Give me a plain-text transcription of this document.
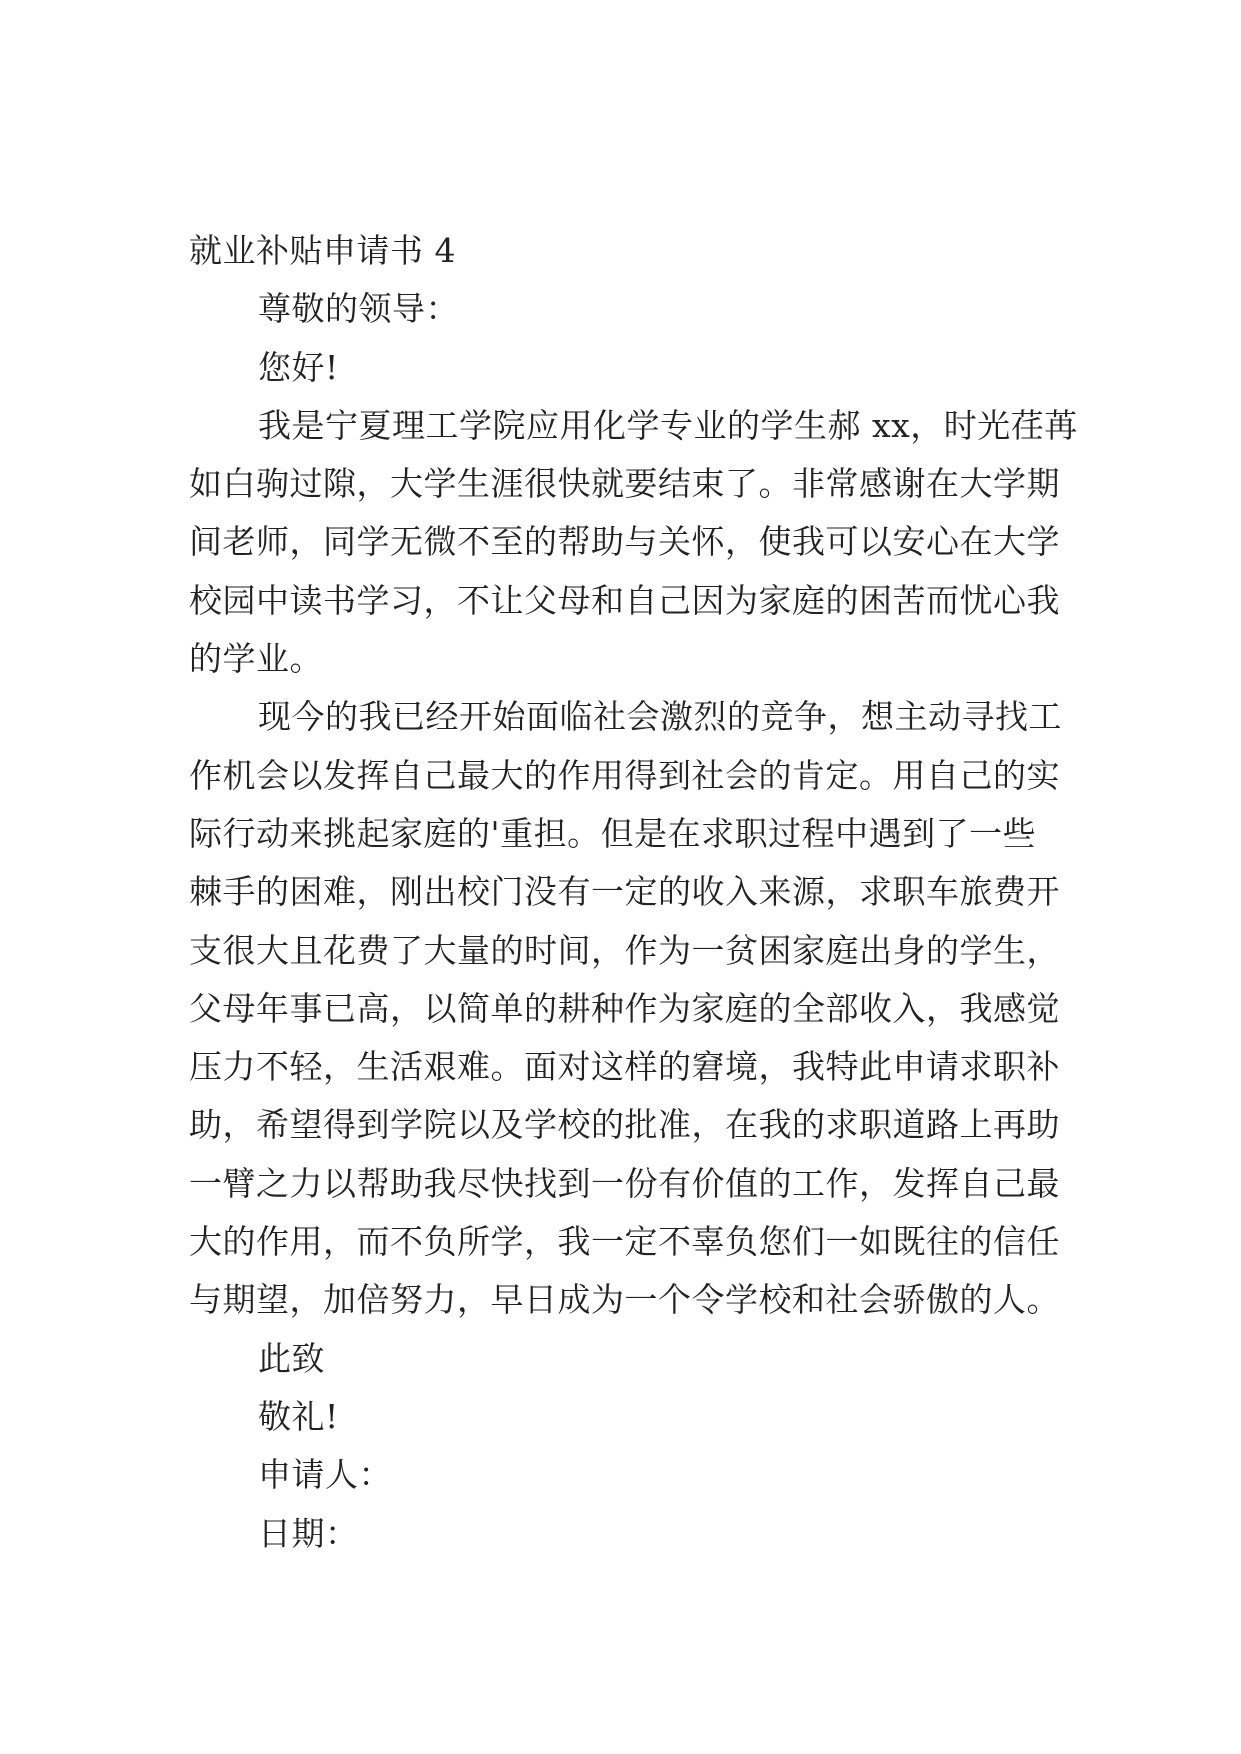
就业补贴申请书 4
尊敬的领导：
您好!
我是宁夏理工学院应用化学专业的学生郝 xx，时光荏苒
如白驹过隙，大学生涯很快就要结束了。非常感谢在大学期
间老师，同学无微不至的帮助与关怀，使我可以安心在大学
校园中读书学习，不让父母和自己因为家庭的困苦而忧心我
的学业。
现今的我已经开始面临社会激烈的竞争，想主动寻找工
作机会以发挥自己最大的作用得到社会的肯定。用自己的实
际行动来挑起家庭的'重担。但是在求职过程中遇到了一些
棘手的困难，刚出校门没有一定的收入来源，求职车旅费开
支很大且花费了大量的时间，作为一贫困家庭出身的学生，
父母年事已高，以简单的耕种作为家庭的全部收入，我感觉
压力不轻，生活艰难。面对这样的窘境，我特此申请求职补
助，希望得到学院以及学校的批准，在我的求职道路上再助
一臂之力以帮助我尽快找到一份有价值的工作，发挥自己最
大的作用，而不负所学，我一定不辜负您们一如既往的信任
与期望，加倍努力，早日成为一个令学校和社会骄傲的人。
此致
敬礼!
申请人：
日期：
